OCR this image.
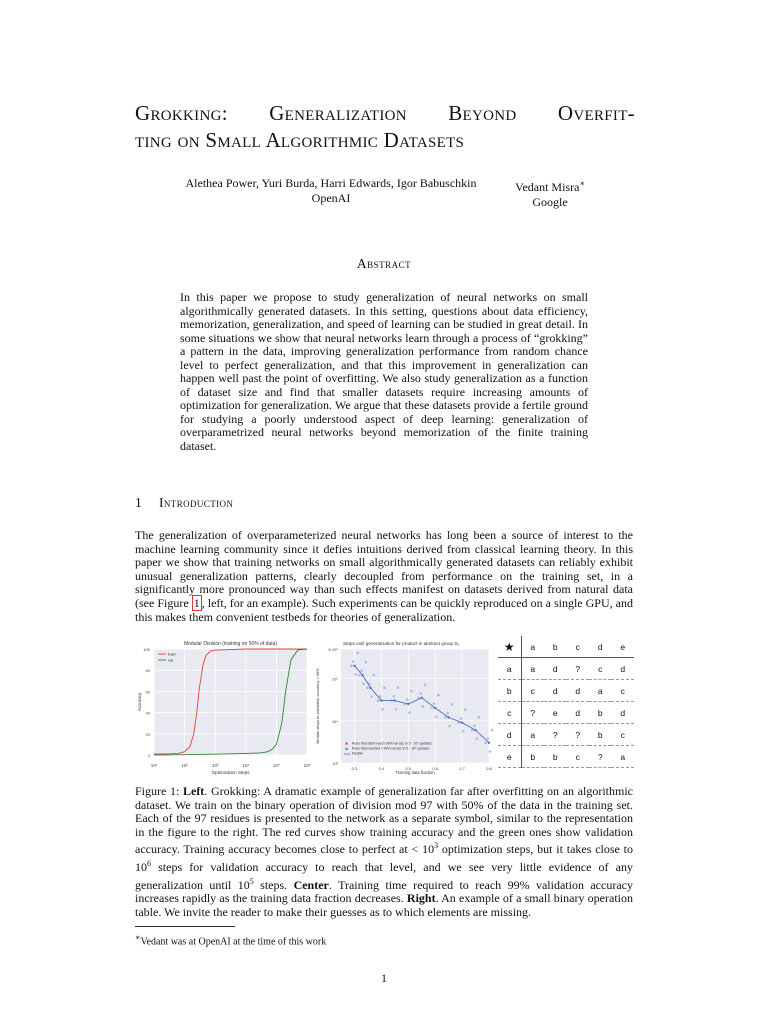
Grokking: Generalization Beyond Overfit-
ting on Small Algorithmic Datasets
Alethea Power, Yuri Burda, Harri Edwards, Igor Babuschkin
OpenAI
Vedant Misra∗
Google
Abstract
In this paper we propose to study generalization of neural networks on small algorithmically generated datasets. In this setting, questions about data efficiency, memorization, generalization, and speed of learning can be studied in great detail. In some situations we show that neural networks learn through a process of “grokking” a pattern in the data, improving generalization performance from random chance level to perfect generalization, and that this improvement in generalization can happen well past the point of overfitting. We also study generalization as a function of dataset size and find that smaller datasets require increasing amounts of optimization for generalization. We argue that these datasets provide a fertile ground for studying a poorly understood aspect of deep learning: generalization of overparametrized neural networks beyond memorization of the finite training dataset.
1 Introduction
The generalization of overparameterized neural networks has long been a source of interest to the machine learning community since it defies intuitions derived from classical learning theory. In this paper we show that training networks on small algorithmically generated datasets can reliably exhibit unusual generalization patterns, clearly decoupled from performance on the training set, in a significantly more pronounced way than such effects manifest on datasets derived from natural data (see Figure 1 , left, for an example). Such experiments can be quickly reproduced on a single GPU, and this makes them convenient testbeds for theories of generalization.
0
20
40
60
80
100
10¹	10²	10³	10⁴	10⁵	10⁶
Modular Division (training on 50% of data)
Optimization Steps
Accuracy
train
val
10³
10⁴
10⁵
5·10⁵
0.3	0.4	0.5	0.6	0.7	0.8
Steps until generalization for product in abstract group S₅
Training data fraction
Median steps to validation accuracy > 99%	Runs that didn't reach 99% val acc in 5 · 10⁵ updates
Runs that reached > 99% val acc in 5 · 10⁵ updates
Median
★	a	b	c	d	e
a	a	d	?	c	d
b	c	d	d	a	c
c	?	e	d	b	d
d	a	?	?	b	c
e	b	b	c	?	a
Figure 1: Left. Grokking: A dramatic example of generalization far after overfitting on an algorithmic dataset. We train on the binary operation of division mod 97 with 50% of the data in the training set. Each of the 97 residues is presented to the network as a separate symbol, similar to the representation in the figure to the right. The red curves show training accuracy and the green ones show validation accuracy. Training accuracy becomes close to perfect at < $10^3$ optimization steps, but it takes close to $10^6$ steps for validation accuracy to reach that level, and we see very little evidence of any generalization until $10^5$ steps. Center. Training time required to reach 99% validation accuracy increases rapidly as the training data fraction decreases. Right. An example of a small binary operation table. We invite the reader to make their guesses as to which elements are missing.
∗Vedant was at OpenAI at the time of this work
1
